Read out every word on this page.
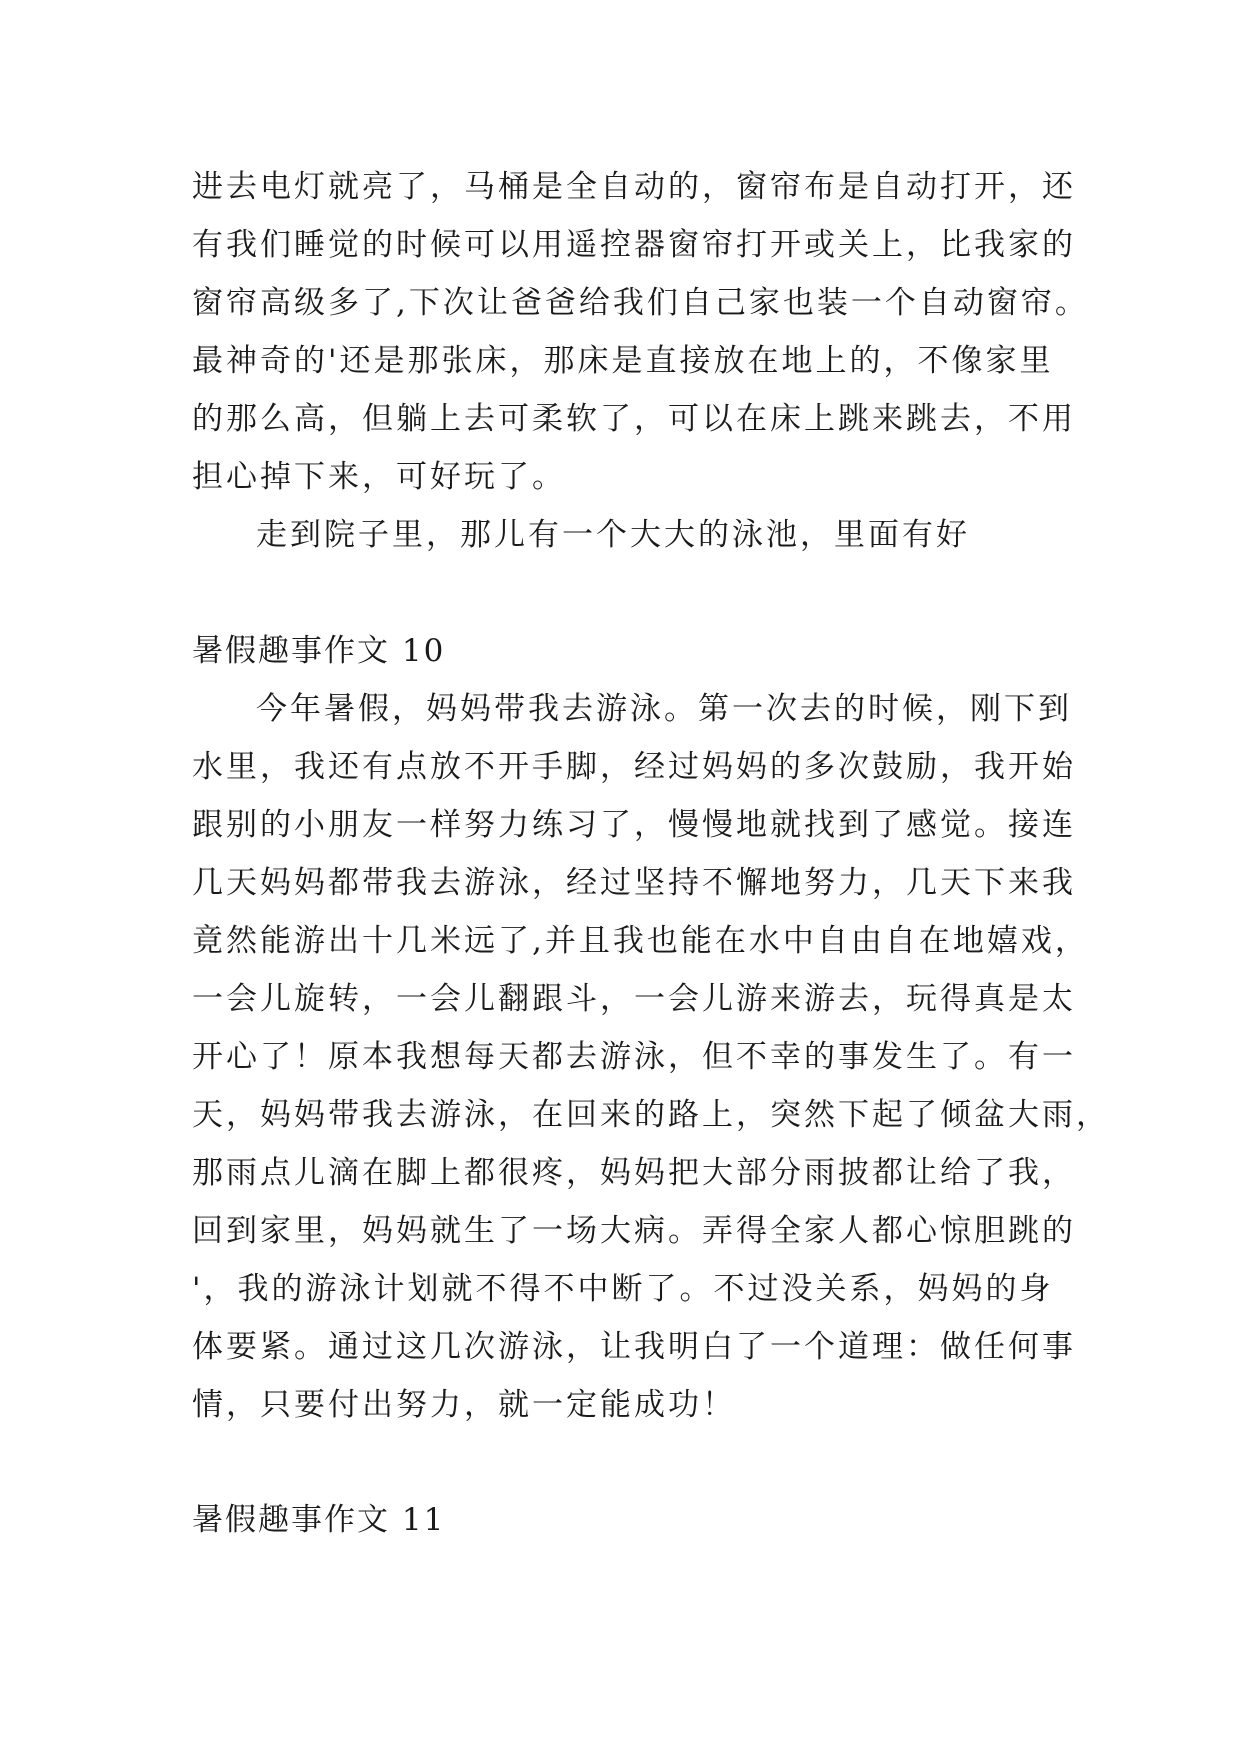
进去电灯就亮了，马桶是全自动的，窗帘布是自动打开，还
有我们睡觉的时候可以用遥控器窗帘打开或关上，比我家的
窗帘高级多了,下次让爸爸给我们自己家也装一个自动窗帘。
最神奇的'还是那张床，那床是直接放在地上的，不像家里
的那么高，但躺上去可柔软了，可以在床上跳来跳去，不用
担心掉下来，可好玩了。
走到院子里，那儿有一个大大的泳池，里面有好
暑假趣事作文 10
今年暑假，妈妈带我去游泳。第一次去的时候，刚下到
水里，我还有点放不开手脚，经过妈妈的多次鼓励，我开始
跟别的小朋友一样努力练习了，慢慢地就找到了感觉。接连
几天妈妈都带我去游泳，经过坚持不懈地努力，几天下来我
竟然能游出十几米远了,并且我也能在水中自由自在地嬉戏，
一会儿旋转，一会儿翻跟斗，一会儿游来游去，玩得真是太
开心了！原本我想每天都去游泳，但不幸的事发生了。有一
天，妈妈带我去游泳，在回来的路上，突然下起了倾盆大雨，
那雨点儿滴在脚上都很疼，妈妈把大部分雨披都让给了我，
回到家里，妈妈就生了一场大病。弄得全家人都心惊胆跳的
'，我的游泳计划就不得不中断了。不过没关系，妈妈的身
体要紧。通过这几次游泳，让我明白了一个道理：做任何事
情，只要付出努力，就一定能成功！
暑假趣事作文 11
